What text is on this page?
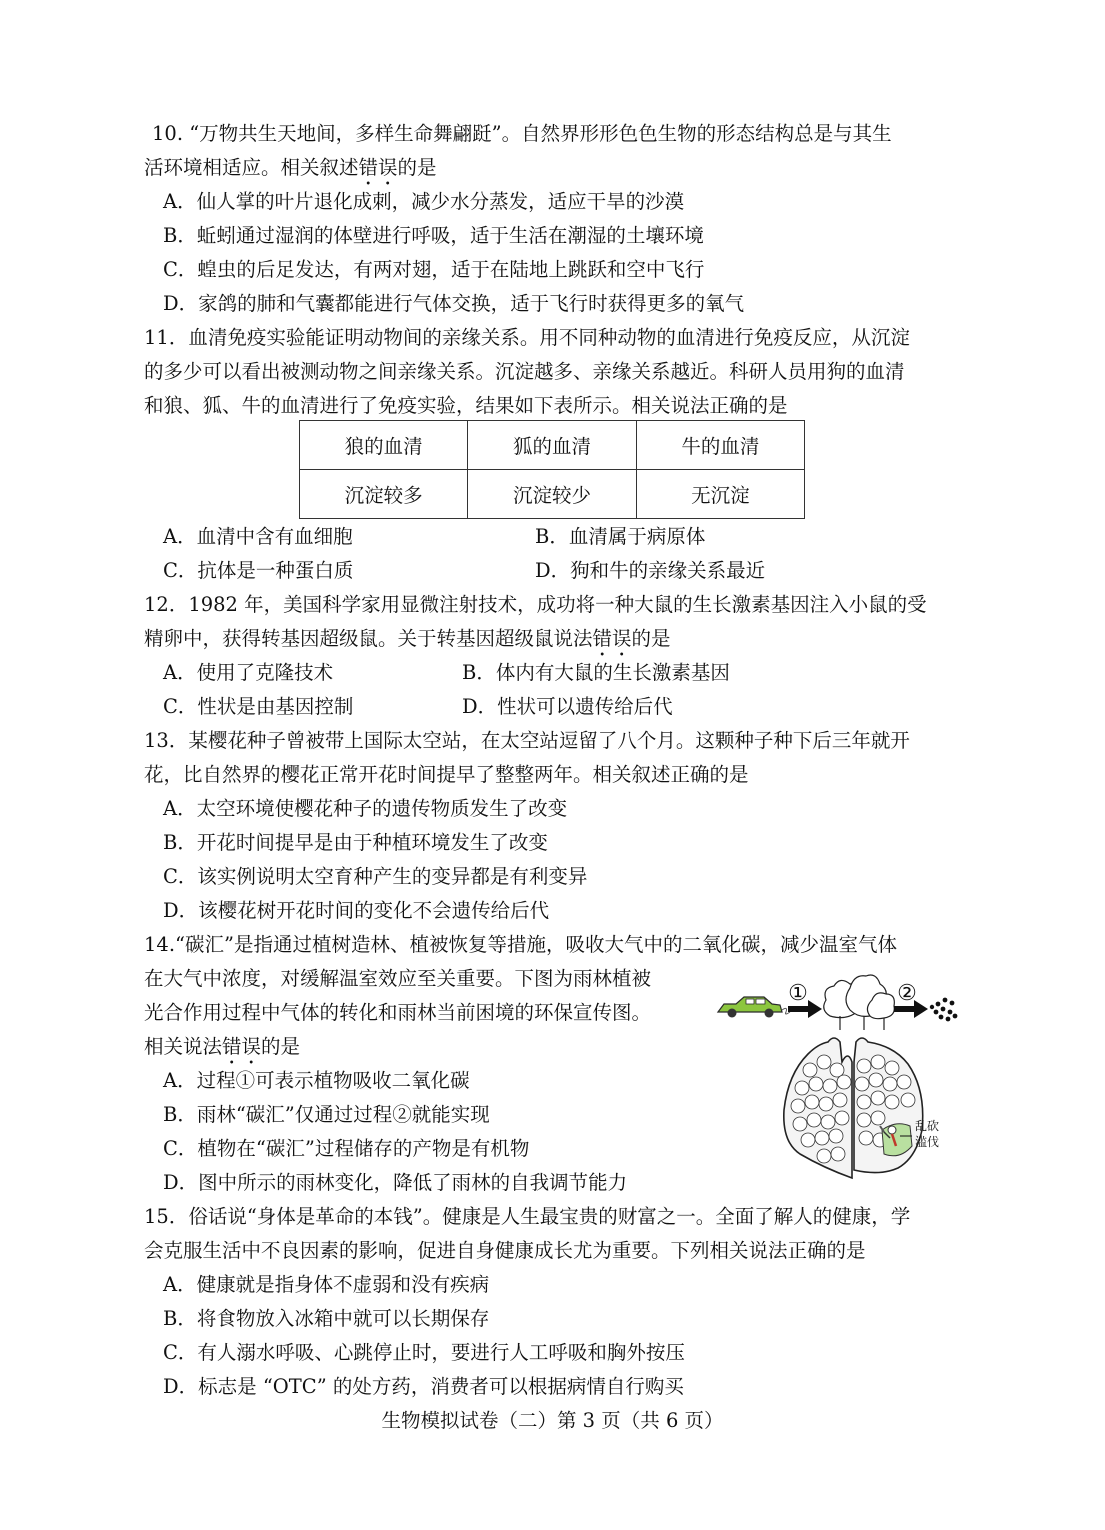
10. “万物共生天地间，多样生命舞翩跹”。自然界形形色色生物的形态结构总是与其生
活环境相适应。相关叙述错误的是
A．仙人掌的叶片退化成刺，减少水分蒸发，适应干旱的沙漠
B．蚯蚓通过湿润的体壁进行呼吸，适于生活在潮湿的土壤环境
C．蝗虫的后足发达，有两对翅，适于在陆地上跳跃和空中飞行
D．家鸽的肺和气囊都能进行气体交换，适于飞行时获得更多的氧气
11．血清免疫实验能证明动物间的亲缘关系。用不同种动物的血清进行免疫反应，从沉淀
的多少可以看出被测动物之间亲缘关系。沉淀越多、亲缘关系越近。科研人员用狗的血清
和狼、狐、牛的血清进行了免疫实验，结果如下表所示。相关说法正确的是
狼的血清	狐的血清	牛的血清
沉淀较多	沉淀较少	无沉淀
A．血清中含有血细胞	B．血清属于病原体
C．抗体是一种蛋白质	D．狗和牛的亲缘关系最近
12．1982 年，美国科学家用显微注射技术，成功将一种大鼠的生长激素基因注入小鼠的受
精卵中，获得转基因超级鼠。关于转基因超级鼠说法错误的是
A．使用了克隆技术	B．体内有大鼠的生长激素基因
C．性状是由基因控制	D．性状可以遗传给后代
13．某樱花种子曾被带上国际太空站，在太空站逗留了八个月。这颗种子种下后三年就开
花，比自然界的樱花正常开花时间提早了整整两年。相关叙述正确的是
A．太空环境使樱花种子的遗传物质发生了改变
B．开花时间提早是由于种植环境发生了改变
C．该实例说明太空育种产生的变异都是有利变异
D．该樱花树开花时间的变化不会遗传给后代
14.“碳汇”是指通过植树造林、植被恢复等措施，吸收大气中的二氧化碳，减少温室气体
在大气中浓度，对缓解温室效应至关重要。下图为雨林植被
光合作用过程中气体的转化和雨林当前困境的环保宣传图。
相关说法错误的是
A．过程①可表示植物吸收二氧化碳
B．雨林“碳汇”仅通过过程②就能实现
C．植物在“碳汇”过程储存的产物是有机物
D．图中所示的雨林变化，降低了雨林的自我调节能力
①	②
乱砍
滥伐
15．俗话说“身体是革命的本钱”。健康是人生最宝贵的财富之一。全面了解人的健康，学
会克服生活中不良因素的影响，促进自身健康成长尤为重要。下列相关说法正确的是
A．健康就是指身体不虚弱和没有疾病
B．将食物放入冰箱中就可以长期保存
C．有人溺水呼吸、心跳停止时，要进行人工呼吸和胸外按压
D．标志是 “OTC” 的处方药，消费者可以根据病情自行购买
生物模拟试卷（二）第 3 页（共 6 页）
